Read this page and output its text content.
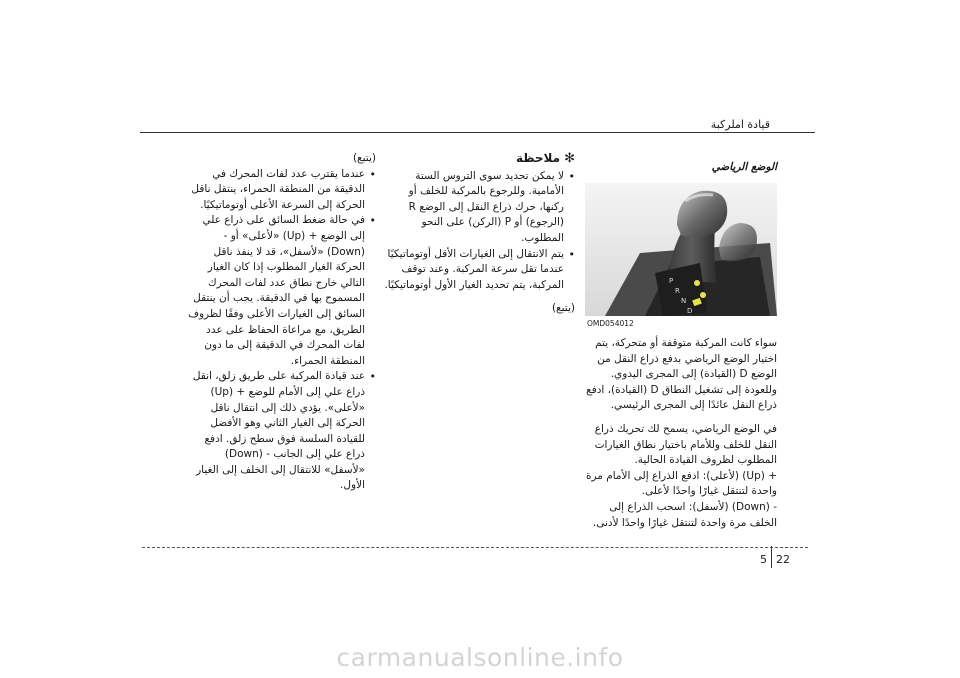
قيادة املركبة

(يتبع)

• عندما يقترب عدد لفات المحرك في الدقيقة من المنطقة الحمراء، ينتقل ناقل الحركة إلى السرعة الأعلى أوتوماتيكيًا.
• في حالة ضغط السائق على ذراع علي إلى الوضع + (Up) «لأعلى» أو - (Down) «لأسفل»، قد لا ينفذ ناقل الحركة الغيار المطلوب إذا كان الغيار التالي خارج نطاق عدد لفات المحرك المسموح بها في الدقيقة. يجب أن ينتقل السائق إلى الغيارات الأعلى وفقًا لظروف الطريق، مع مراعاة الحفاظ على عدد لفات المحرك في الدقيقة إلى ما دون المنطقة الحمراء.
• عند قيادة المركبة على طريق زلق، انقل ذراع علي إلى الأمام للوضع + (Up) «لأعلى». يؤدي ذلك إلى انتقال ناقل الحركة إلى الغيار الثاني وهو الأفضل للقيادة السلسة فوق سطح زلق. ادفع ذراع علي إلى الجانب - (Down) «لأسفل» للانتقال إلى الخلف إلى الغيار الأول.
✻ملاحظة
• لا يمكن تحديد سوى التروس الستة الأمامية. وللرجوع بالمركبة للخلف أو ركنها، حرك ذراع النقل إلى الوضع R (الرجوع) أو P (الركن) على النحو المطلوب.
• يتم الانتقال إلى الغيارات الأقل أوتوماتيكيًا عندما تقل سرعة المركبة. وعند توقف المركبة، يتم تحديد الغيار الأول أوتوماتيكيًا.

(يتبع)

الوضع الرياضي
P
R
N
D
OMD054012

سواء كانت المركبة متوقفة أو متحركة، يتم اختيار الوضع الرياضي بدفع ذراع النقل من الوضع D (القيادة) إلى المجرى اليدوي. وللعودة إلى تشغيل النطاق D (القيادة)، ادفع ذراع النقل عائدًا إلى المجرى الرئيسي.

في الوضع الرياضي، يسمح لك تحريك ذراع النقل للخلف وللأمام باختيار نطاق الغيارات المطلوب لظروف القيادة الحالية.

+ (Up) (لأعلى): ادفع الذراع إلى الأمام مرة واحدة لتنتقل غيارًا واحدًا لأعلى.

- (Down) (لأسفل): اسحب الذراع إلى الخلف مرة واحدة لتنتقل غيارًا واحدًا لأدنى.

5 22
carmanualsonline.info
